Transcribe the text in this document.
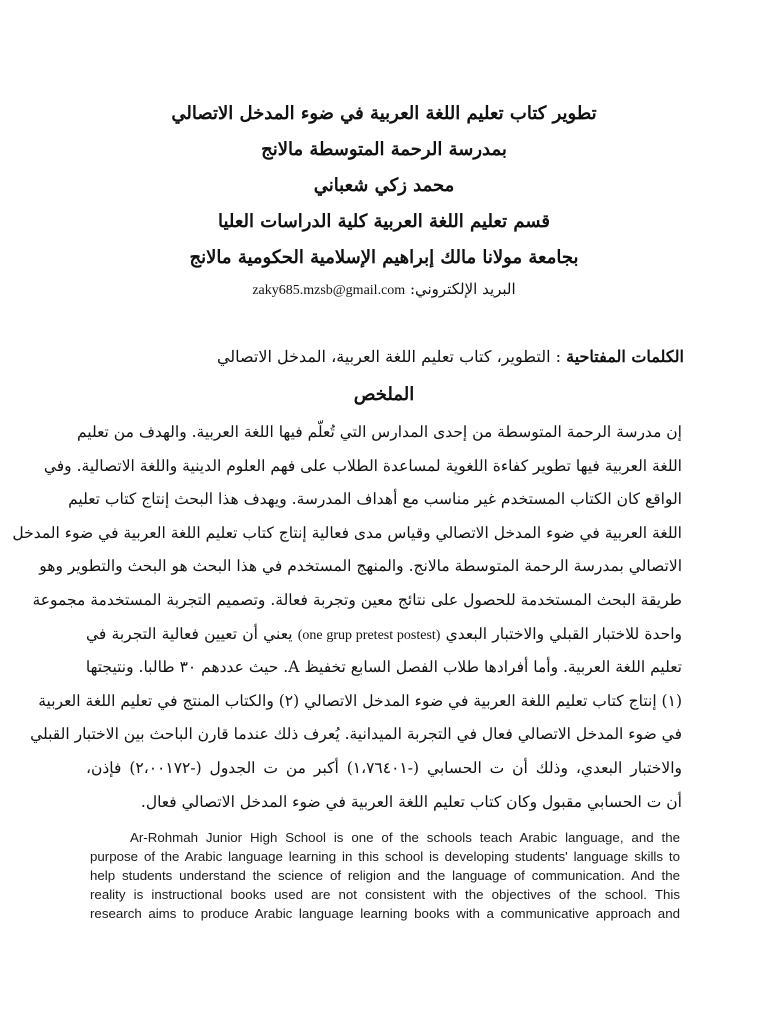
تطوير كتاب تعليم اللغة العربية في ضوء المدخل الاتصالي
بمدرسة الرحمة المتوسطة مالانج
محمد زكي شعباني
قسم تعليم اللغة العربية كلية الدراسات العليا
بجامعة مولانا مالك إبراهيم الإسلامية الحكومية مالانج
البريد الإلكتروني: zaky685.mzsb@gmail.com
الكلمات المفتاحية : التطوير، كتاب تعليم اللغة العربية، المدخل الاتصالي
الملخص
إن مدرسة الرحمة المتوسطة من إحدى المدارس التي تُعلّم فيها اللغة العربية. والهدف من تعليم
اللغة العربية فيها تطوير كفاءة اللغوية لمساعدة الطلاب على فهم العلوم الدينية واللغة الاتصالية. وفي
الواقع كان الكتاب المستخدم غير مناسب مع أهداف المدرسة. ويهدف هذا البحث إنتاج كتاب تعليم
اللغة العربية في ضوء المدخل الاتصالي وقياس مدى فعالية إنتاج كتاب تعليم اللغة العربية في ضوء المدخل
الاتصالي بمدرسة الرحمة المتوسطة مالانج. والمنهج المستخدم في هذا البحث هو البحث والتطوير وهو
طريقة البحث المستخدمة للحصول على نتائج معين وتجربة فعالة. وتصميم التجربة المستخدمة مجموعة
واحدة للاختبار القبلي والاختبار البعدي (one grup pretest postest) يعني أن تعيين فعالية التجربة في
تعليم اللغة العربية. وأما أفرادها طلاب الفصل السابع تخفيظ A. حيث عددهم ٣٠ طالبا. ونتيجتها
(١) إنتاج كتاب تعليم اللغة العربية في ضوء المدخل الاتصالي (٢) والكتاب المنتج في تعليم اللغة العربية
في ضوء المدخل الاتصالي فعال في التجربة الميدانية. يُعرف ذلك عندما قارن الباحث بين الاختبار القبلي
والاختبار البعدي، وذلك أن ت الحسابي (-١،٧٦٤٠١) أكبر من ت الجدول (-٢،٠٠١٧٢) فإذن،
أن ت الحسابي مقبول وكان كتاب تعليم اللغة العربية في ضوء المدخل الاتصالي فعال.
Ar-Rohmah Junior High School is one of the schools teach Arabic language, and the
purpose of the Arabic language learning in this school is developing students' language skills to
help students understand the science of religion and the language of communication. And the
reality is instructional books used are not consistent with the objectives of the school. This
research aims to produce Arabic language learning books with a communicative approach and
